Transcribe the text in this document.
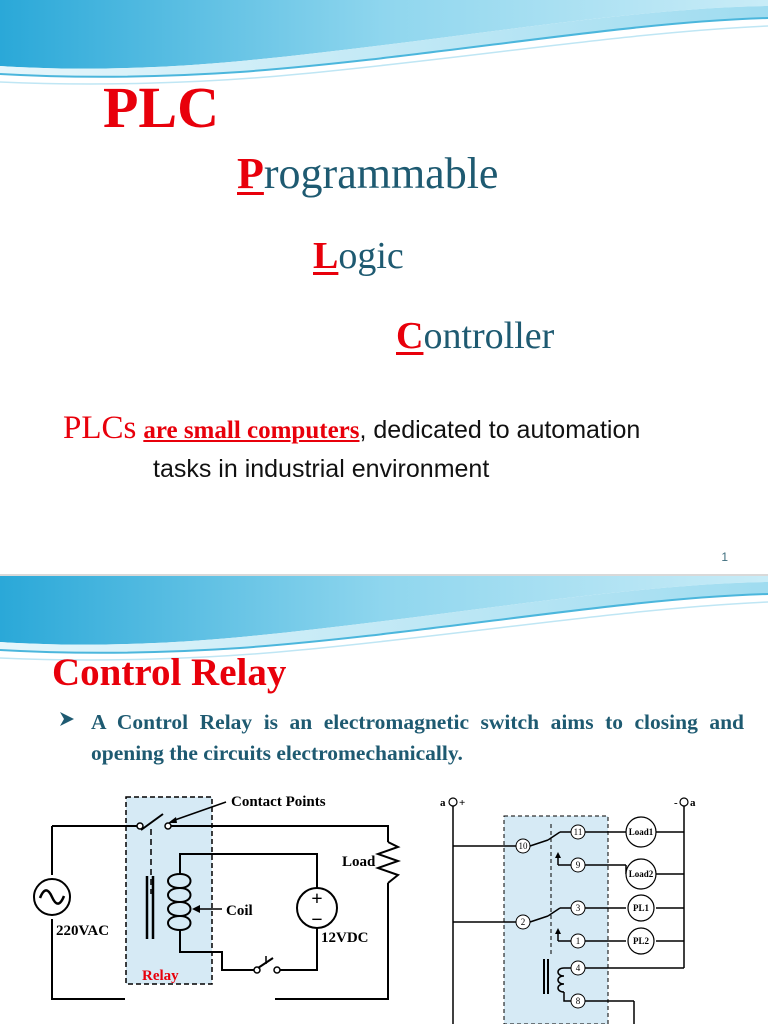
PLC
Programmable
Logic
Controller
PLCs are small computers, dedicated to automation
tasks in industrial environment
1
Control Relay
A Control Relay is an electromagnetic switch aims to closing and opening the circuits electromechanically.
Contact Points
Load
220VAC
Coil
+
−
12VDC
Relay
a +	- a
11
10
9
3
2
1
4
8
Load1
Load2
PL1
PL2
